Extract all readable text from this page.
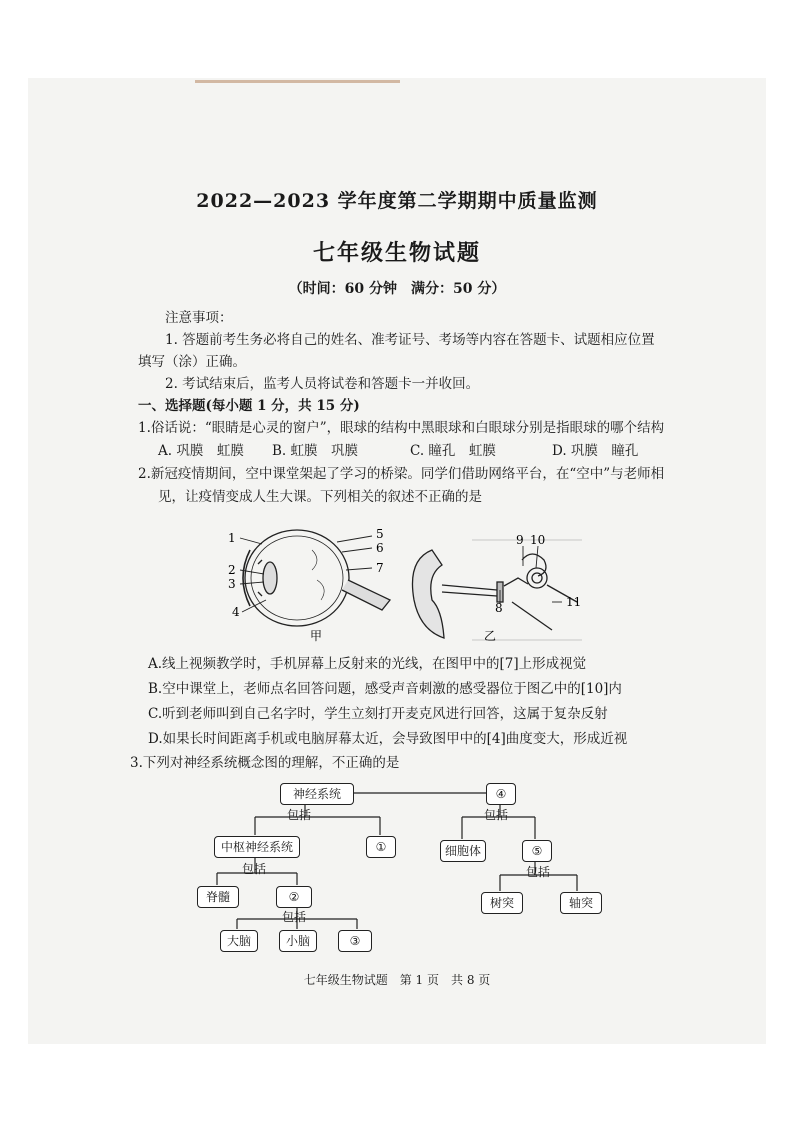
2022—2023 学年度第二学期期中质量监测
七年级生物试题
（时间：60 分钟　满分：50 分）
注意事项：
1. 答题前考生务必将自己的姓名、准考证号、考场等内容在答题卡、试题相应位置
填写（涂）正确。
2. 考试结束后，监考人员将试卷和答题卡一并收回。
一、选择题(每小题 1 分，共 15 分)
1.俗话说：“眼睛是心灵的窗户”，眼球的结构中黑眼球和白眼球分别是指眼球的哪个结构
A. 巩膜　虹膜 B. 虹膜　巩膜	C. 瞳孔　虹膜	D. 巩膜　瞳孔
2.新冠疫情期间，空中课堂架起了学习的桥梁。同学们借助网络平台，在“空中”与老师相
见，让疫情变成人生大课。下列相关的叙述不正确的是
1
2
3
4
5
6
7
甲
9 10
8	11
乙
A.线上视频教学时，手机屏幕上反射来的光线，在图甲中的[7]上形成视觉
B.空中课堂上，老师点名回答问题，感受声音刺激的感受器位于图乙中的[10]内
C.听到老师叫到自己名字时，学生立刻打开麦克风进行回答，这属于复杂反射
D.如果长时间距离手机或电脑屏幕太近，会导致图甲中的[4]曲度变大，形成近视
3.下列对神经系统概念图的理解，不正确的是
神经系统	④
包括	包括
中枢神经系统	①	细胞体	⑤
包括	包括
脊髓	②	树突	轴突
包括
大脑	小脑	③
七年级生物试题　第 1 页　共 8 页
